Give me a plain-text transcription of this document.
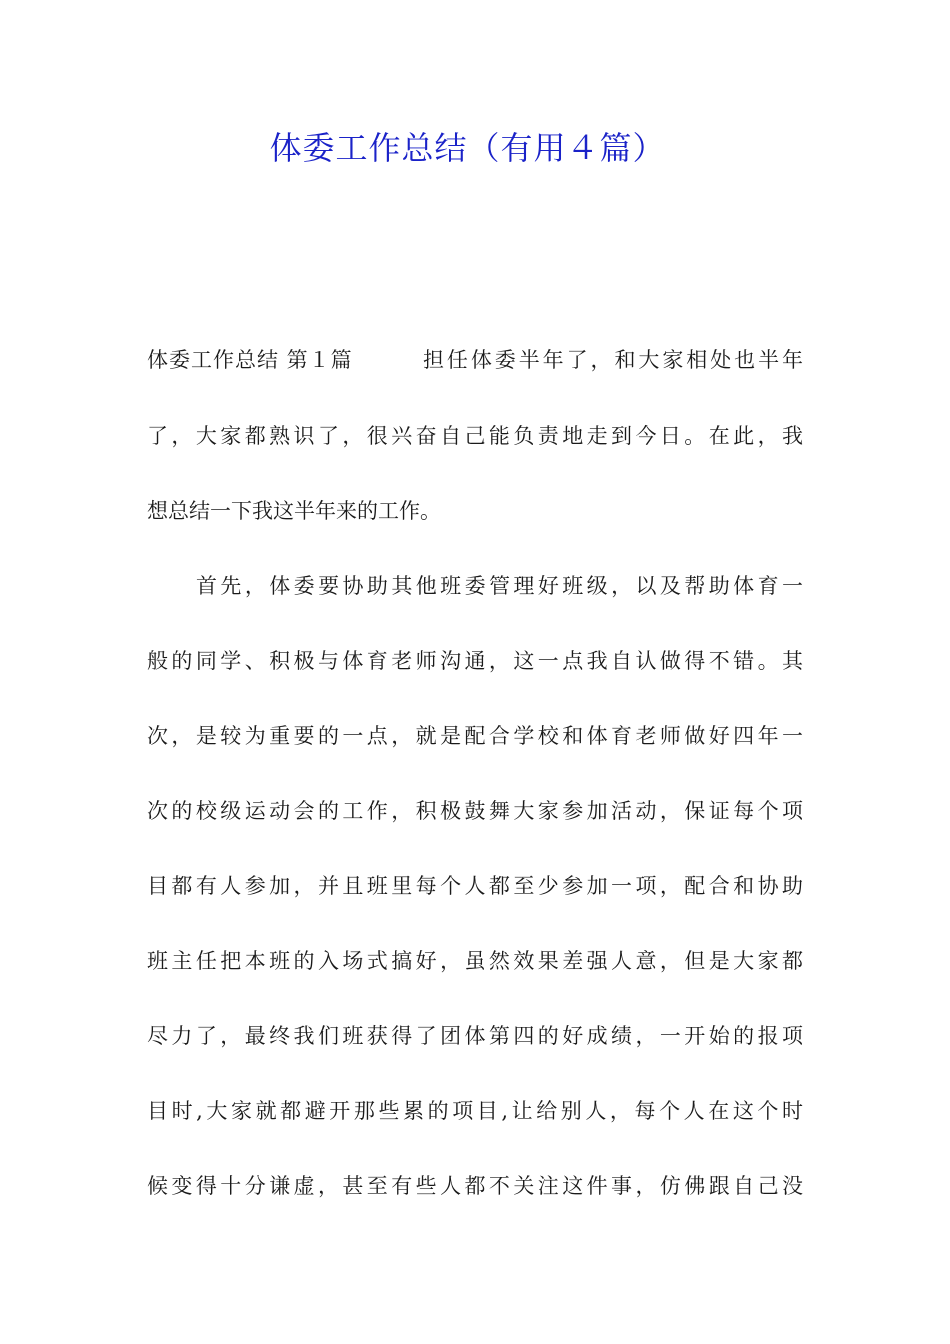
体委工作总结（有用４篇）
体委工作总结 第１篇	担任体委半年了，和大家相处也半年
了，大家都熟识了，很兴奋自己能负责地走到今日。在此，我
想总结一下我这半年来的工作。
首先，体委要协助其他班委管理好班级，以及帮助体育一
般的同学、积极与体育老师沟通，这一点我自认做得不错。其
次，是较为重要的一点，就是配合学校和体育老师做好四年一
次的校级运动会的工作，积极鼓舞大家参加活动，保证每个项
目都有人参加，并且班里每个人都至少参加一项，配合和协助
班主任把本班的入场式搞好，虽然效果差强人意，但是大家都
尽力了，最终我们班获得了团体第四的好成绩，一开始的报项
目时,大家就都避开那些累的项目,让给别人，每个人在这个时
候变得十分谦虚，甚至有些人都不关注这件事，仿佛跟自己没
